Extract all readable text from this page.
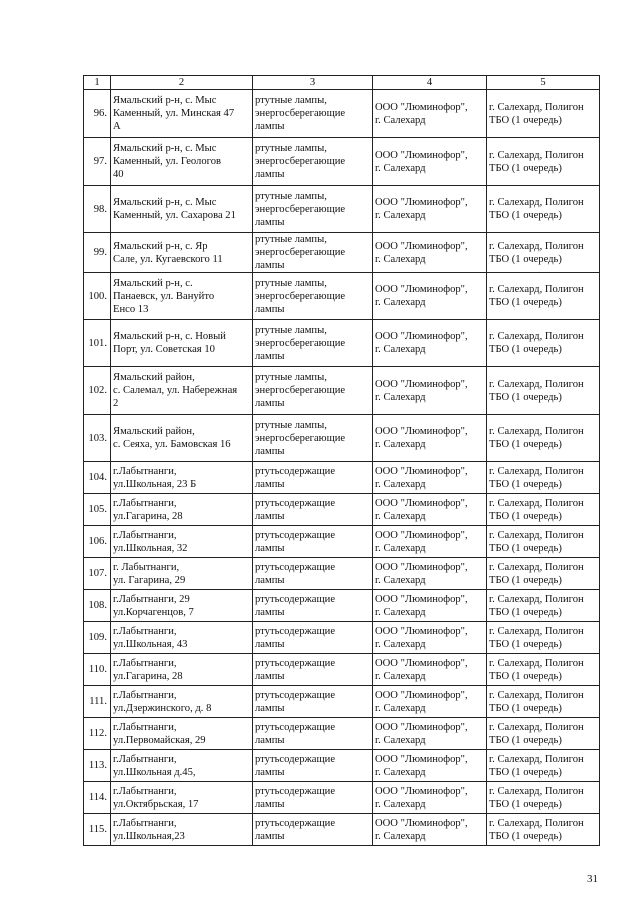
1	2	3	4	5
96.	Ямальский р-н, с. Мыс
Каменный, ул. Минская 47
А	ртутные лампы,
энергосберегающие
лампы	ООО "Люминофор",
г. Салехард	г. Салехард, Полигон
ТБО (1 очередь)
97.	Ямальский р-н, с. Мыс
Каменный, ул. Геологов
40	ртутные лампы,
энергосберегающие
лампы	ООО "Люминофор",
г. Салехард	г. Салехард, Полигон
ТБО (1 очередь)
98.	Ямальский р-н, с. Мыс
Каменный, ул. Сахарова 21	ртутные лампы,
энергосберегающие
лампы	ООО "Люминофор",
г. Салехард	г. Салехард, Полигон
ТБО (1 очередь)
99.	Ямальский р-н, с. Яр
Сале, ул. Кугаевского 11	ртутные лампы,
энергосберегающие
лампы	ООО "Люминофор",
г. Салехард	г. Салехард, Полигон
ТБО (1 очередь)
100.	Ямальский р-н, с.
Панаевск, ул. Вануйто
Енсо 13	ртутные лампы,
энергосберегающие
лампы	ООО "Люминофор",
г. Салехард	г. Салехард, Полигон
ТБО (1 очередь)
101.	Ямальский р-н, с. Новый
Порт, ул. Советская 10	ртутные лампы,
энергосберегающие
лампы	ООО "Люминофор",
г. Салехард	г. Салехард, Полигон
ТБО (1 очередь)
102.	Ямальский район,
с. Салемал, ул. Набережная
2	ртутные лампы,
энергосберегающие
лампы	ООО "Люминофор",
г. Салехард	г. Салехард, Полигон
ТБО (1 очередь)
103.	Ямальский район,
с. Сеяха, ул. Бамовская 16	ртутные лампы,
энергосберегающие
лампы	ООО "Люминофор",
г. Салехард	г. Салехард, Полигон
ТБО (1 очередь)
104.	г.Лабытнанги,
ул.Школьная, 23 Б	ртутьсодержащие
лампы	ООО "Люминофор",
г. Салехард	г. Салехард, Полигон
ТБО (1 очередь)
105.	г.Лабытнанги,
ул.Гагарина, 28	ртутьсодержащие
лампы	ООО "Люминофор",
г. Салехард	г. Салехард, Полигон
ТБО (1 очередь)
106.	г.Лабытнанги,
ул.Школьная, 32	ртутьсодержащие
лампы	ООО "Люминофор",
г. Салехард	г. Салехард, Полигон
ТБО (1 очередь)
107.	г. Лабытнанги,
ул. Гагарина, 29	ртутьсодержащие
лампы	ООО "Люминофор",
г. Салехард	г. Салехард, Полигон
ТБО (1 очередь)
108.	г.Лабытнанги, 29
ул.Корчагенцов, 7	ртутьсодержащие
лампы	ООО "Люминофор",
г. Салехард	г. Салехард, Полигон
ТБО (1 очередь)
109.	г.Лабытнанги,
ул.Школьная, 43	ртутьсодержащие
лампы	ООО "Люминофор",
г. Салехард	г. Салехард, Полигон
ТБО (1 очередь)
110.	г.Лабытнанги,
ул.Гагарина, 28	ртутьсодержащие
лампы	ООО "Люминофор",
г. Салехард	г. Салехард, Полигон
ТБО (1 очередь)
111.	г.Лабытнанги,
ул.Дзержинского, д. 8	ртутьсодержащие
лампы	ООО "Люминофор",
г. Салехард	г. Салехард, Полигон
ТБО (1 очередь)
112.	г.Лабытнанги,
ул.Первомайская, 29	ртутьсодержащие
лампы	ООО "Люминофор",
г. Салехард	г. Салехард, Полигон
ТБО (1 очередь)
113.	г.Лабытнанги,
ул.Школьная д.45,	ртутьсодержащие
лампы	ООО "Люминофор",
г. Салехард	г. Салехард, Полигон
ТБО (1 очередь)
114.	г.Лабытнанги,
ул.Октябрьская, 17	ртутьсодержащие
лампы	ООО "Люминофор",
г. Салехард	г. Салехард, Полигон
ТБО (1 очередь)
115.	г.Лабытнанги,
ул.Школьная,23	ртутьсодержащие
лампы	ООО "Люминофор",
г. Салехард	г. Салехард, Полигон
ТБО (1 очередь)
31
